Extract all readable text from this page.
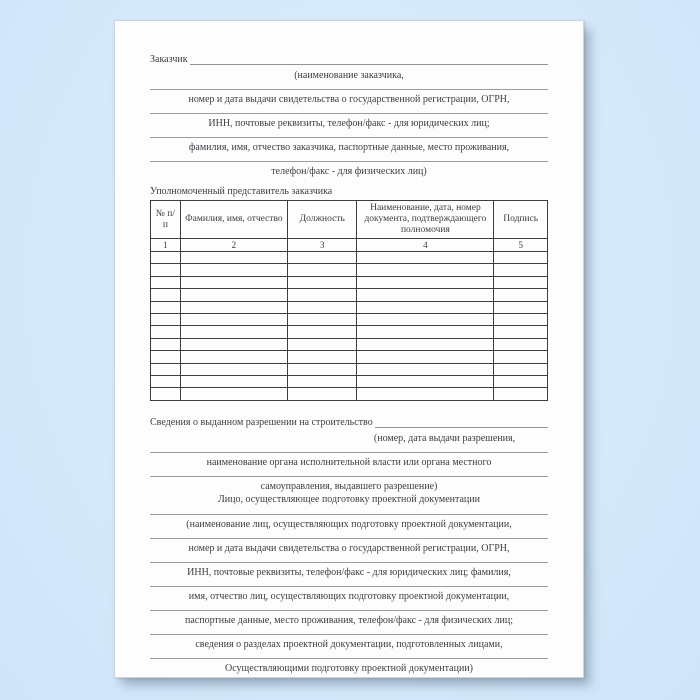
Заказчик
(наименование заказчика,
номер и дата выдачи свидетельства о государственной регистрации, ОГРН,
ИНН, почтовые реквизиты, телефон/факс - для юридических лиц;
фамилия, имя, отчество заказчика, паспортные данные, место проживания,
телефон/факс - для физических лиц)
Уполномоченный представитель заказчика
№ п/п	Фамилия, имя, отчество	Должность	Наименование, дата, номер документа, подтверждающего полномочия	Подпись
1	2	3	4	5

Сведения о выданном разрешении на строительство
(номер, дата выдачи разрешения,
наименование органа исполнительной власти или органа местного
самоуправления, выдавшего разрешение)
Лицо, осуществляющее подготовку проектной документации
(наименование лиц, осуществляющих подготовку проектной документации,
номер и дата выдачи свидетельства о государственной регистрации, ОГРН,
ИНН, почтовые реквизиты, телефон/факс - для юридических лиц; фамилия,
имя, отчество лиц, осуществляющих подготовку проектной документации,
паспортные данные, место проживания, телефон/факс - для физических лиц;
сведения о разделах проектной документации, подготовленных лицами,
Осуществляющими подготовку проектной документации)
